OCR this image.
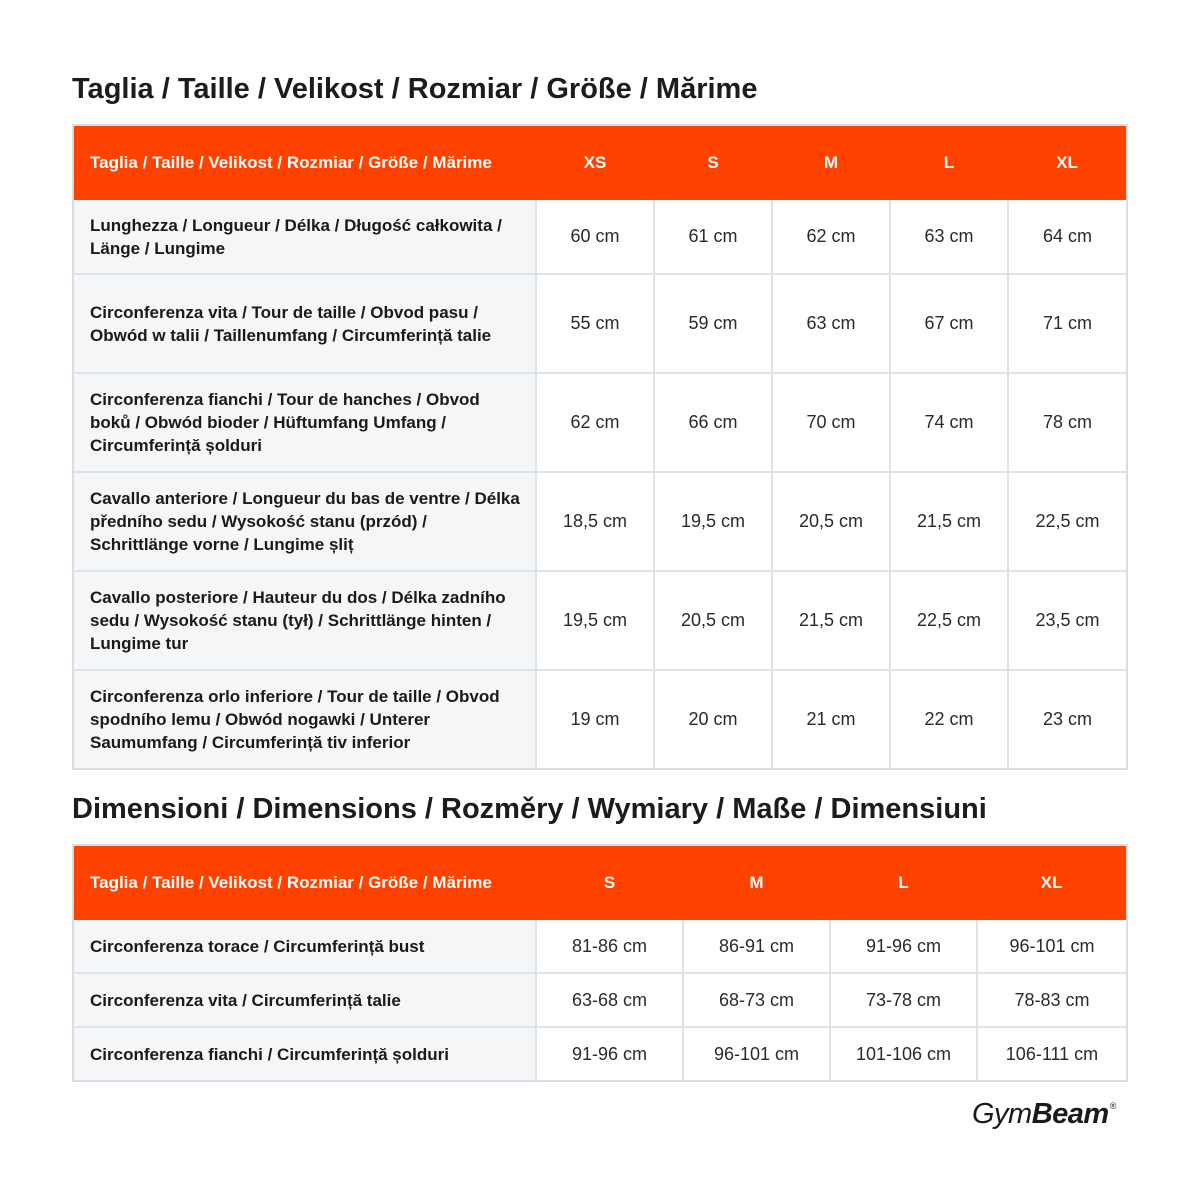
Taglia / Taille / Velikost / Rozmiar / Größe / Mărime
Taglia / Taille / Velikost / Rozmiar / Größe / Mărime	XS	S	M	L	XL
Lunghezza / Longueur / Délka / Długość całkowita / Länge / Lungime	60 cm	61 cm	62 cm	63 cm	64 cm
Circonferenza vita / Tour de taille / Obvod pasu / Obwód w talii / Taillenumfang / Circumferință talie	55 cm	59 cm	63 cm	67 cm	71 cm
Circonferenza fianchi / Tour de hanches / Obvod boků / Obwód bioder / Hüftumfang Umfang / Circumferință șolduri	62 cm	66 cm	70 cm	74 cm	78 cm
Cavallo anteriore / Longueur du bas de ventre / Délka předního sedu / Wysokość stanu (przód) / Schrittlänge vorne / Lungime șliț	18,5 cm	19,5 cm	20,5 cm	21,5 cm	22,5 cm
Cavallo posteriore / Hauteur du dos / Délka zadního sedu / Wysokość stanu (tył) / Schrittlänge hinten / Lungime tur	19,5 cm	20,5 cm	21,5 cm	22,5 cm	23,5 cm
Circonferenza orlo inferiore / Tour de taille / Obvod spodního lemu / Obwód nogawki / Unterer Saumumfang / Circumferință tiv inferior	19 cm	20 cm	21 cm	22 cm	23 cm
Dimensioni / Dimensions / Rozměry / Wymiary / Maße / Dimensiuni
Taglia / Taille / Velikost / Rozmiar / Größe / Mărime	S	M	L	XL
Circonferenza torace / Circumferință bust	81-86 cm	86-91 cm	91-96 cm	96-101 cm
Circonferenza vita / Circumferință talie	63-68 cm	68-73 cm	73-78 cm	78-83 cm
Circonferenza fianchi / Circumferință șolduri	91-96 cm	96-101 cm	101-106 cm	106-111 cm
GymBeam®
